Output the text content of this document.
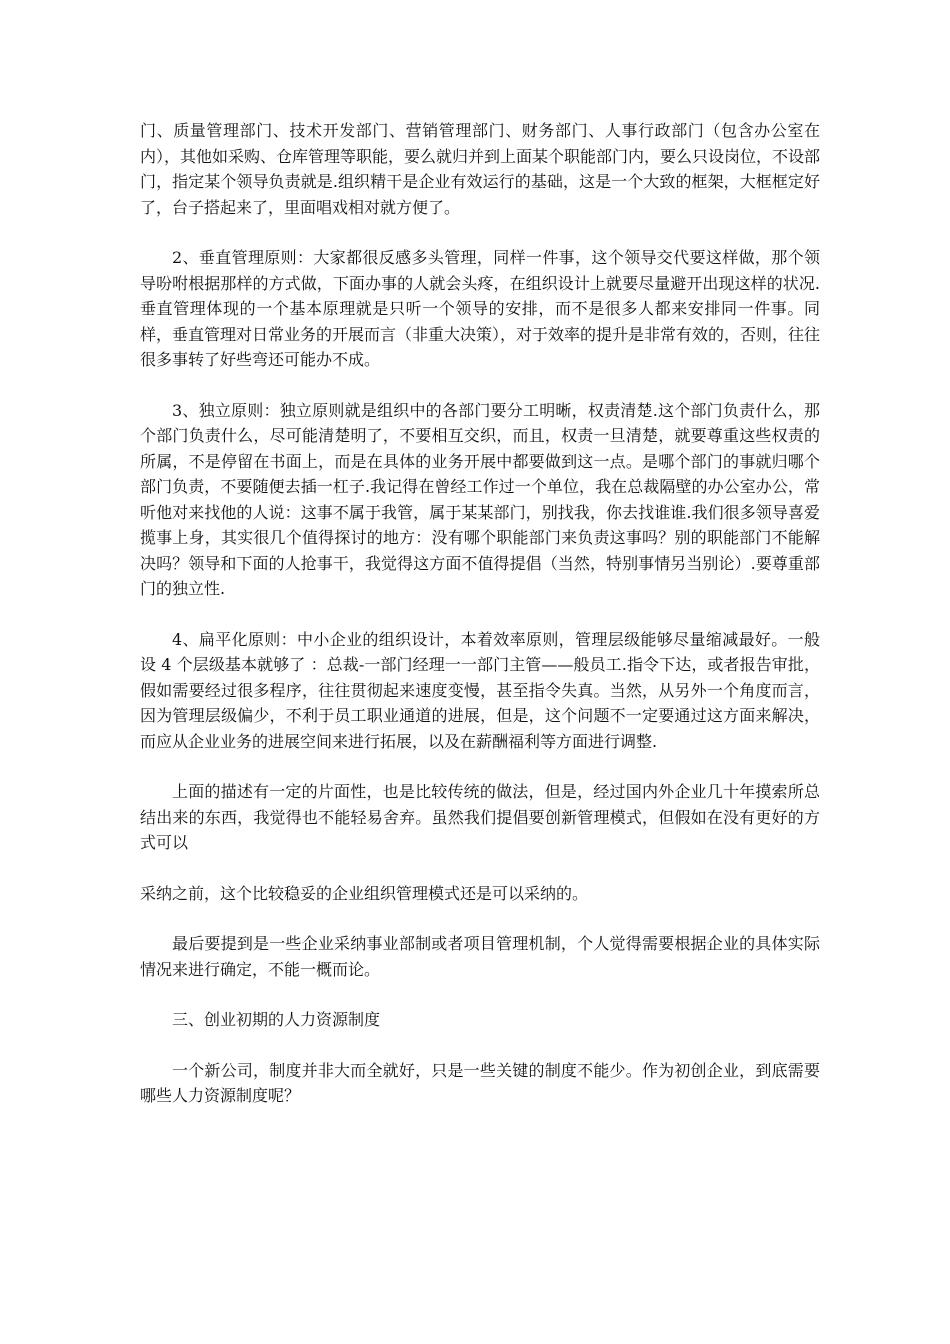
门、质量管理部门、技术开发部门、营销管理部门、财务部门、人事行政部门（包含办公室在内），其他如采购、仓库管理等职能，要么就归并到上面某个职能部门内，要么只设岗位，不设部门，指定某个领导负责就是.组织精干是企业有效运行的基础，这是一个大致的框架，大框框定好了，台子搭起来了，里面唱戏相对就方便了。

2、垂直管理原则：大家都很反感多头管理，同样一件事，这个领导交代要这样做，那个领导吩咐根据那样的方式做，下面办事的人就会头疼，在组织设计上就要尽量避开出现这样的状况.垂直管理体现的一个基本原理就是只听一个领导的安排，而不是很多人都来安排同一件事。同样，垂直管理对日常业务的开展而言（非重大决策），对于效率的提升是非常有效的，否则，往往很多事转了好些弯还可能办不成。

3、独立原则：独立原则就是组织中的各部门要分工明晰，权责清楚.这个部门负责什么，那个部门负责什么，尽可能清楚明了，不要相互交织，而且，权责一旦清楚，就要尊重这些权责的所属，不是停留在书面上，而是在具体的业务开展中都要做到这一点。是哪个部门的事就归哪个部门负责，不要随便去插一杠子.我记得在曾经工作过一个单位，我在总裁隔壁的办公室办公，常听他对来找他的人说：这事不属于我管，属于某某部门，别找我，你去找谁谁.我们很多领导喜爱揽事上身，其实很几个值得探讨的地方：没有哪个职能部门来负责这事吗？别的职能部门不能解决吗？领导和下面的人抢事干，我觉得这方面不值得提倡（当然，特别事情另当别论）.要尊重部门的独立性.

4、扁平化原则：中小企业的组织设计，本着效率原则，管理层级能够尽量缩减最好。一般设 4 个层级基本就够了 ：总裁-一部门经理一一部门主管——般员工.指令下达，或者报告审批，假如需要经过很多程序，往往贯彻起来速度变慢，甚至指令失真。当然，从另外一个角度而言，因为管理层级偏少，不利于员工职业通道的进展，但是，这个问题不一定要通过这方面来解决，而应从企业业务的进展空间来进行拓展，以及在薪酬福利等方面进行调整.

上面的描述有一定的片面性，也是比较传统的做法，但是，经过国内外企业几十年摸索所总结出来的东西，我觉得也不能轻易舍弃。虽然我们提倡要创新管理模式，但假如在没有更好的方式可以

采纳之前，这个比较稳妥的企业组织管理模式还是可以采纳的。

最后要提到是一些企业采纳事业部制或者项目管理机制，个人觉得需要根据企业的具体实际情况来进行确定，不能一概而论。

三、创业初期的人力资源制度

一个新公司，制度并非大而全就好，只是一些关键的制度不能少。作为初创企业，到底需要哪些人力资源制度呢？
